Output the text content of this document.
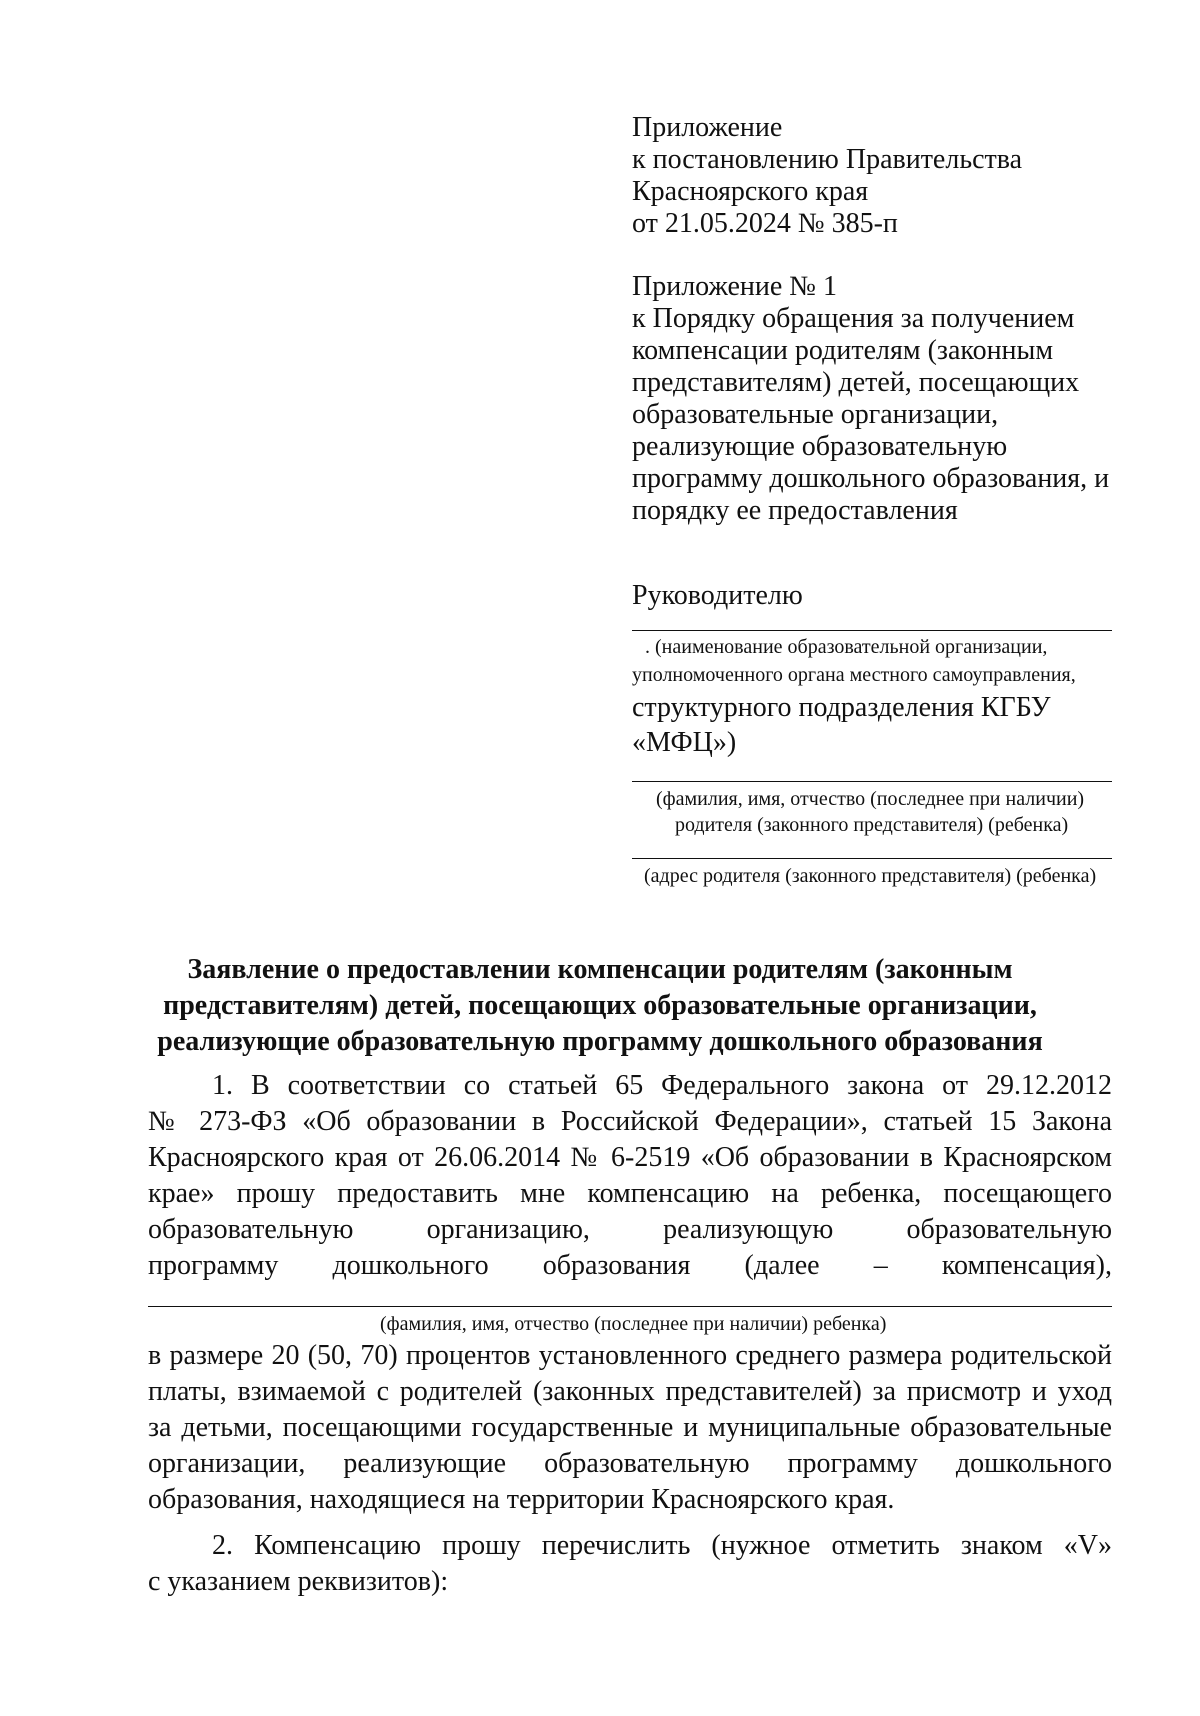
Приложение
к постановлению Правительства
Красноярского края
от 21.05.2024 № 385-п
Приложение № 1
к Порядку обращения за получением
компенсации родителям (законным
представителям) детей, посещающих
образовательные организации,
реализующие образовательную
программу дошкольного образования, и
порядку ее предоставления
Руководителю
. (наименование образовательной организации,
уполномоченного органа местного самоуправления,
структурного подразделения КГБУ
«МФЦ»)
(фамилия, имя, отчество (последнее при наличии)
родителя (законного представителя) (ребенка)
(адрес родителя (законного представителя) (ребенка)
Заявление о предоставлении компенсации родителям (законным
представителям) детей, посещающих образовательные организации,
реализующие образовательную программу дошкольного образования
1. В соответствии со статьей 65 Федерального закона от 29.12.2012
№ 273-ФЗ «Об образовании в Российской Федерации», статьей 15 Закона
Красноярского края от 26.06.2014 № 6-2519 «Об образовании в Красноярском
крае» прошу предоставить мне компенсацию на ребенка, посещающего
образовательную организацию, реализующую образовательную
программу дошкольного образования (далее – компенсация),
(фамилия, имя, отчество (последнее при наличии) ребенка)
в размере 20 (50, 70) процентов установленного среднего размера родительской
платы, взимаемой с родителей (законных представителей) за присмотр и уход
за детьми, посещающими государственные и муниципальные образовательные
организации, реализующие образовательную программу дошкольного
образования, находящиеся на территории Красноярского края.
2. Компенсацию прошу перечислить (нужное отметить знаком «V»
с указанием реквизитов):
